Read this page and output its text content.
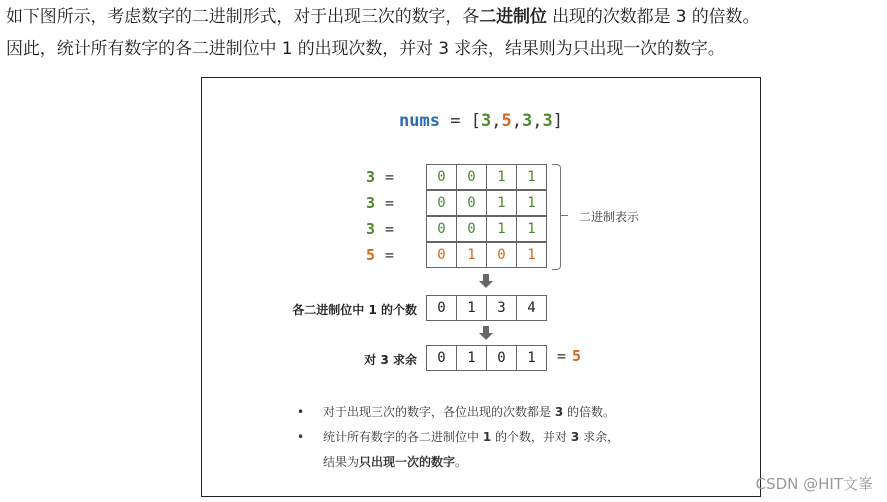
如下图所示，考虑数字的二进制形式，对于出现三次的数字，各二进制位 出现的次数都是 3 的倍数。
因此，统计所有数字的各二进制位中 1 的出现次数，并对 3 求余，结果则为只出现一次的数字。
nums = [3,5,3,3]
3 =	0	0	1	1
3 =	0	0	1	1
3 =	0	0	1	1
5 =	0	1	0	1
二进制表示
各二进制位中 1 的个数	0	1	3	4
对 3 求余	0	1	0	1	= 5
•	对于出现三次的数字，各位出现的次数都是
3
的倍数。
•	统计所有数字的各二进制位中
1
的个数，并对
3
求余，
结果为 只出现一次的数字 。
CSDN @HIT文峯
